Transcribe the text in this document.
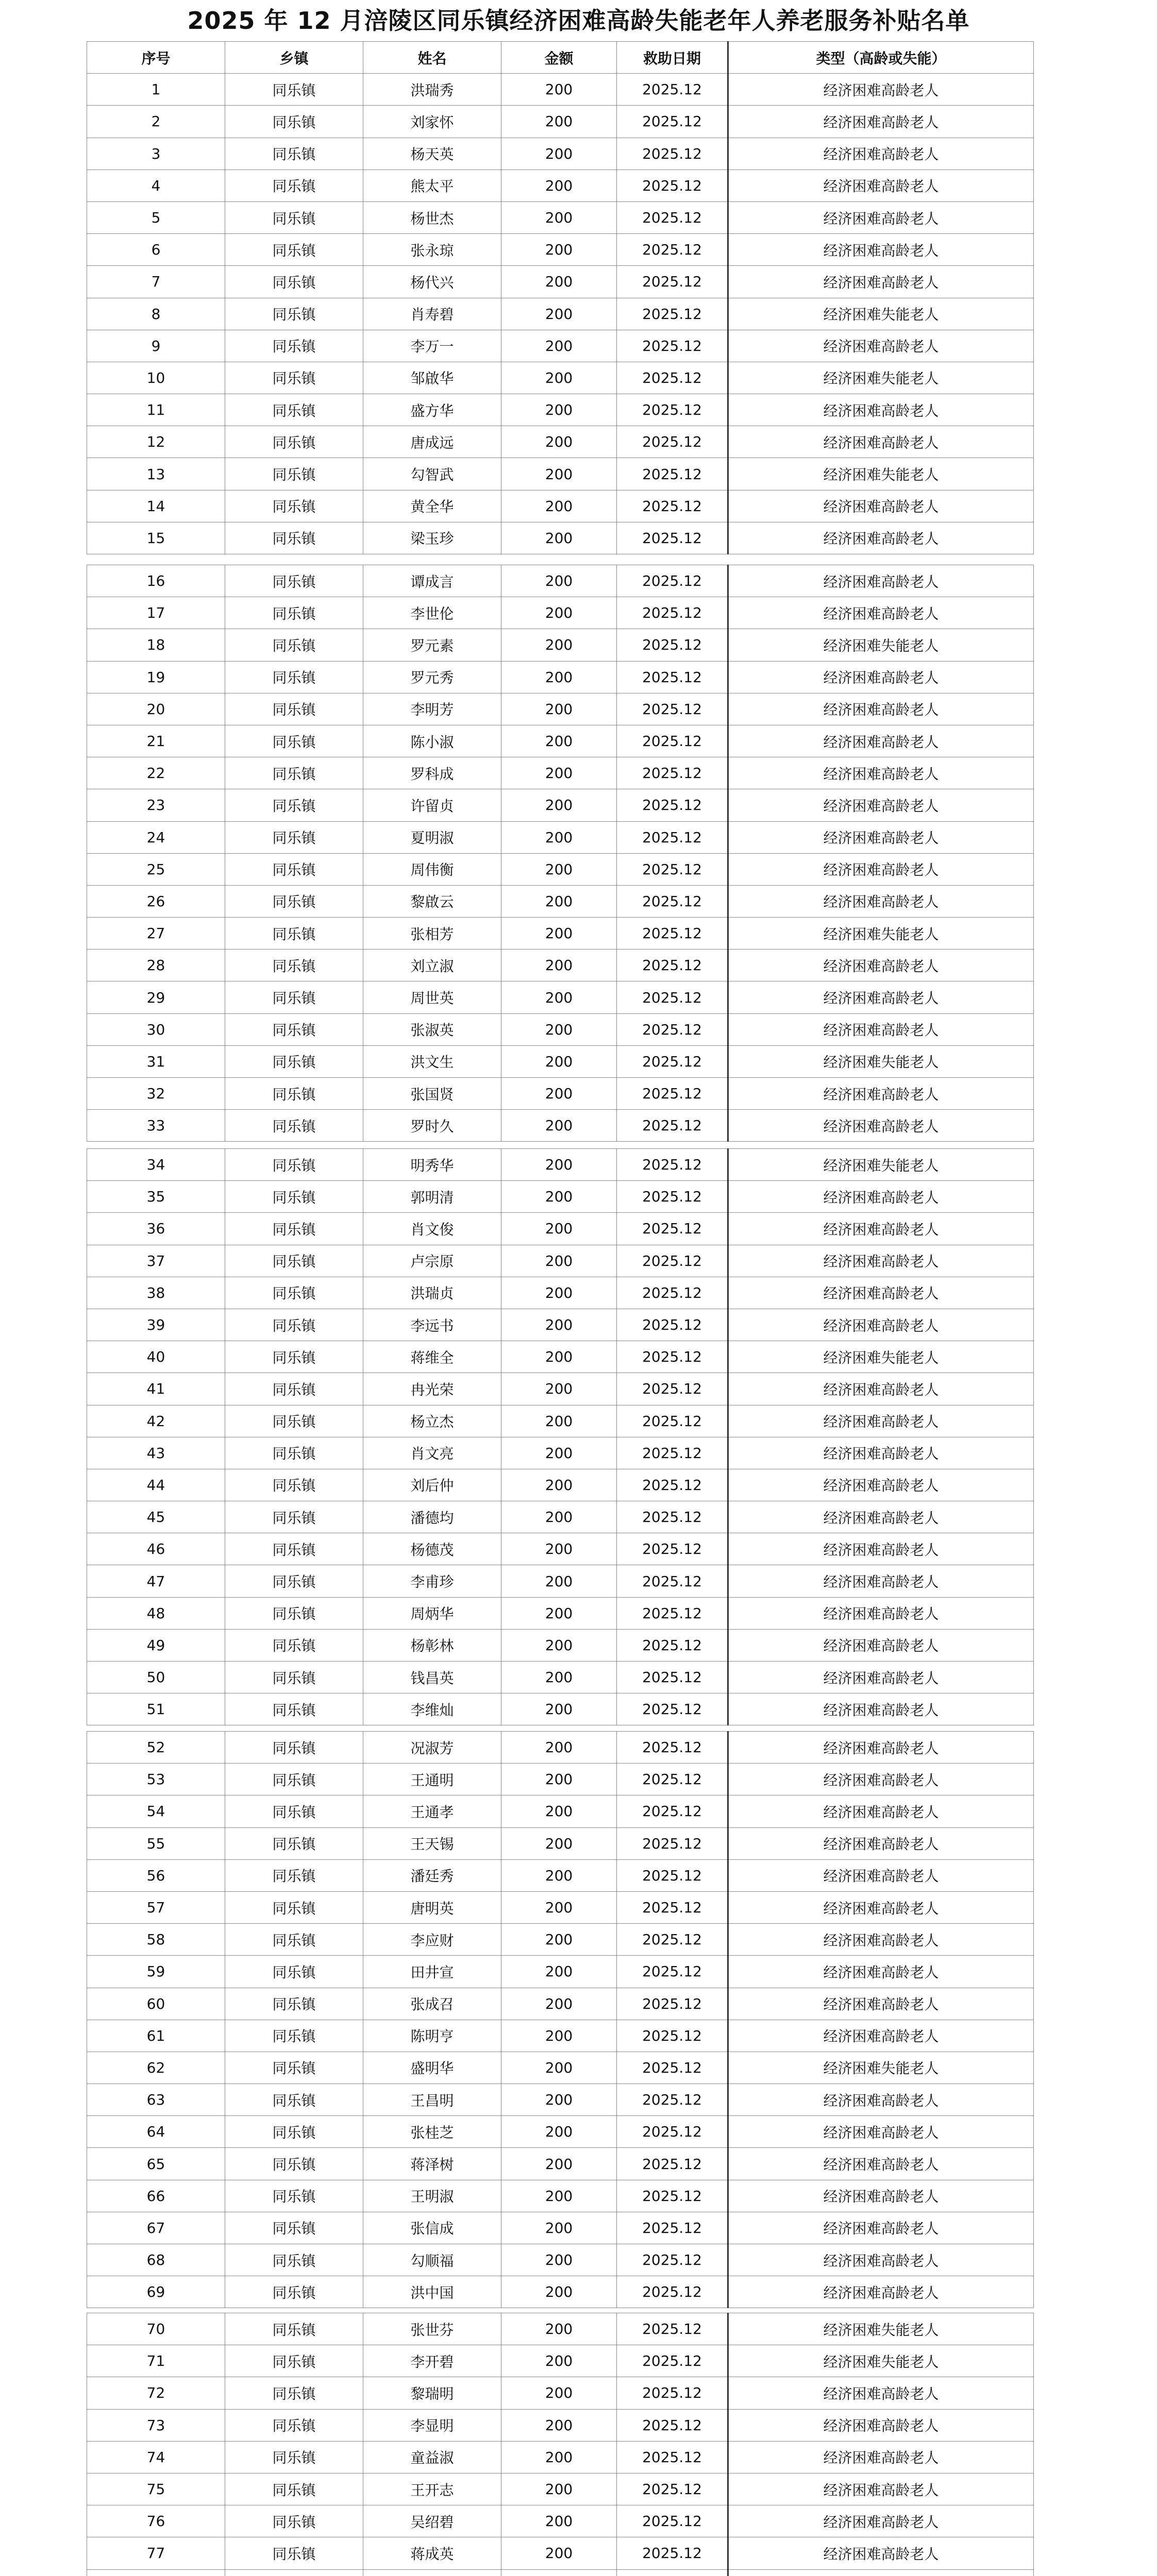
2025 年 12 月涪陵区同乐镇经济困难高龄失能老年人养老服务补贴名单
序号	乡镇	姓名	金额	救助日期	类型（高龄或失能）
1	同乐镇	洪瑞秀	200	2025.12	经济困难高龄老人
2	同乐镇	刘家怀	200	2025.12	经济困难高龄老人
3	同乐镇	杨天英	200	2025.12	经济困难高龄老人
4	同乐镇	熊太平	200	2025.12	经济困难高龄老人
5	同乐镇	杨世杰	200	2025.12	经济困难高龄老人
6	同乐镇	张永琼	200	2025.12	经济困难高龄老人
7	同乐镇	杨代兴	200	2025.12	经济困难高龄老人
8	同乐镇	肖寿碧	200	2025.12	经济困难失能老人
9	同乐镇	李万一	200	2025.12	经济困难高龄老人
10	同乐镇	邹啟华	200	2025.12	经济困难失能老人
11	同乐镇	盛方华	200	2025.12	经济困难高龄老人
12	同乐镇	唐成远	200	2025.12	经济困难高龄老人
13	同乐镇	勾智武	200	2025.12	经济困难失能老人
14	同乐镇	黄全华	200	2025.12	经济困难高龄老人
15	同乐镇	梁玉珍	200	2025.12	经济困难高龄老人
16	同乐镇	谭成言	200	2025.12	经济困难高龄老人
17	同乐镇	李世伦	200	2025.12	经济困难高龄老人
18	同乐镇	罗元素	200	2025.12	经济困难失能老人
19	同乐镇	罗元秀	200	2025.12	经济困难高龄老人
20	同乐镇	李明芳	200	2025.12	经济困难高龄老人
21	同乐镇	陈小淑	200	2025.12	经济困难高龄老人
22	同乐镇	罗科成	200	2025.12	经济困难高龄老人
23	同乐镇	许留贞	200	2025.12	经济困难高龄老人
24	同乐镇	夏明淑	200	2025.12	经济困难高龄老人
25	同乐镇	周伟衡	200	2025.12	经济困难高龄老人
26	同乐镇	黎啟云	200	2025.12	经济困难高龄老人
27	同乐镇	张相芳	200	2025.12	经济困难失能老人
28	同乐镇	刘立淑	200	2025.12	经济困难高龄老人
29	同乐镇	周世英	200	2025.12	经济困难高龄老人
30	同乐镇	张淑英	200	2025.12	经济困难高龄老人
31	同乐镇	洪文生	200	2025.12	经济困难失能老人
32	同乐镇	张国贤	200	2025.12	经济困难高龄老人
33	同乐镇	罗时久	200	2025.12	经济困难高龄老人
34	同乐镇	明秀华	200	2025.12	经济困难失能老人
35	同乐镇	郭明清	200	2025.12	经济困难高龄老人
36	同乐镇	肖文俊	200	2025.12	经济困难高龄老人
37	同乐镇	卢宗原	200	2025.12	经济困难高龄老人
38	同乐镇	洪瑞贞	200	2025.12	经济困难高龄老人
39	同乐镇	李远书	200	2025.12	经济困难高龄老人
40	同乐镇	蒋维全	200	2025.12	经济困难失能老人
41	同乐镇	冉光荣	200	2025.12	经济困难高龄老人
42	同乐镇	杨立杰	200	2025.12	经济困难高龄老人
43	同乐镇	肖文亮	200	2025.12	经济困难高龄老人
44	同乐镇	刘后仲	200	2025.12	经济困难高龄老人
45	同乐镇	潘德均	200	2025.12	经济困难高龄老人
46	同乐镇	杨德茂	200	2025.12	经济困难高龄老人
47	同乐镇	李甫珍	200	2025.12	经济困难高龄老人
48	同乐镇	周炳华	200	2025.12	经济困难高龄老人
49	同乐镇	杨彰林	200	2025.12	经济困难高龄老人
50	同乐镇	钱昌英	200	2025.12	经济困难高龄老人
51	同乐镇	李维灿	200	2025.12	经济困难高龄老人
52	同乐镇	况淑芳	200	2025.12	经济困难高龄老人
53	同乐镇	王通明	200	2025.12	经济困难高龄老人
54	同乐镇	王通孝	200	2025.12	经济困难高龄老人
55	同乐镇	王天锡	200	2025.12	经济困难高龄老人
56	同乐镇	潘廷秀	200	2025.12	经济困难高龄老人
57	同乐镇	唐明英	200	2025.12	经济困难高龄老人
58	同乐镇	李应财	200	2025.12	经济困难高龄老人
59	同乐镇	田井宣	200	2025.12	经济困难高龄老人
60	同乐镇	张成召	200	2025.12	经济困难高龄老人
61	同乐镇	陈明亨	200	2025.12	经济困难高龄老人
62	同乐镇	盛明华	200	2025.12	经济困难失能老人
63	同乐镇	王昌明	200	2025.12	经济困难高龄老人
64	同乐镇	张桂芝	200	2025.12	经济困难高龄老人
65	同乐镇	蒋泽树	200	2025.12	经济困难高龄老人
66	同乐镇	王明淑	200	2025.12	经济困难高龄老人
67	同乐镇	张信成	200	2025.12	经济困难高龄老人
68	同乐镇	勾顺福	200	2025.12	经济困难高龄老人
69	同乐镇	洪中国	200	2025.12	经济困难高龄老人
70	同乐镇	张世芬	200	2025.12	经济困难失能老人
71	同乐镇	李开碧	200	2025.12	经济困难失能老人
72	同乐镇	黎瑞明	200	2025.12	经济困难高龄老人
73	同乐镇	李显明	200	2025.12	经济困难高龄老人
74	同乐镇	童益淑	200	2025.12	经济困难高龄老人
75	同乐镇	王开志	200	2025.12	经济困难高龄老人
76	同乐镇	吴绍碧	200	2025.12	经济困难高龄老人
77	同乐镇	蒋成英	200	2025.12	经济困难高龄老人
